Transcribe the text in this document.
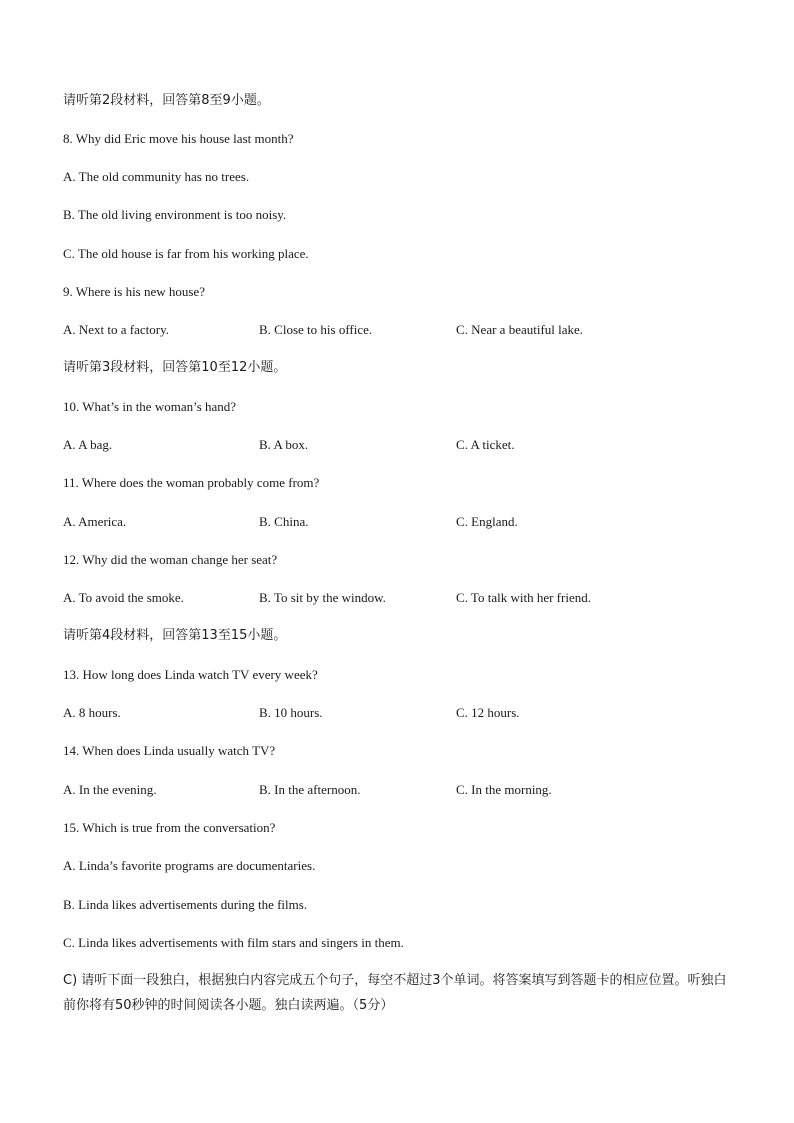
请听第2段材料，回答第8至9小题。
8. Why did Eric move his house last month?
A. The old community has no trees.
B. The old living environment is too noisy.
C. The old house is far from his working place.
9. Where is his new house?
A. Next to a factory.	B. Close to his office.	C. Near a beautiful lake.
请听第3段材料，回答第10至12小题。
10. What’s in the woman’s hand?
A. A bag.	B. A box.	C. A ticket.
11. Where does the woman probably come from?
A. America.	B. China.	C. England.
12. Why did the woman change her seat?
A. To avoid the smoke.	B. To sit by the window.	C. To talk with her friend.
请听第4段材料，回答第13至15小题。
13. How long does Linda watch TV every week?
A. 8 hours.	B. 10 hours.	C. 12 hours.
14. When does Linda usually watch TV?
A. In the evening.	B. In the afternoon.	C. In the morning.
15. Which is true from the conversation?
A. Linda’s favorite programs are documentaries.
B. Linda likes advertisements during the films.
C. Linda likes advertisements with film stars and singers in them.
C) 请听下面一段独白，根据独白内容完成五个句子，每空不超过3个单词。将答案填写到答题卡的相应位置。听独白前你将有50秒钟的时间阅读各小题。独白读两遍。（5分）
